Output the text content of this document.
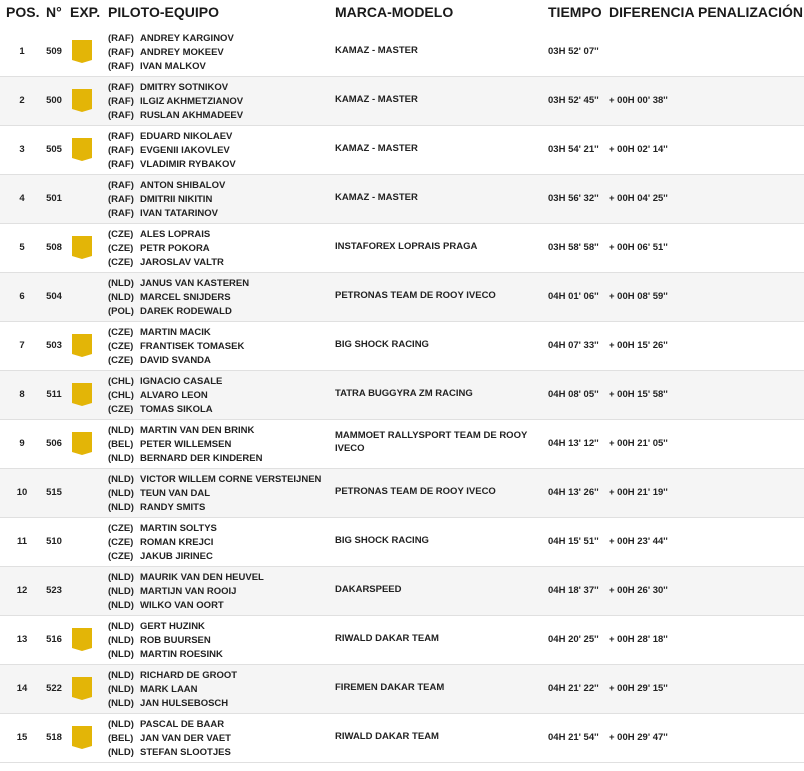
POS. N° EXP. PILOTO-EQUIPO	MARCA-MODELO	TIEMPO DIFERENCIA PENALIZACIÓN
1	509
(RAF) ANDREY KARGINOV
(RAF) ANDREY MOKEEV
(RAF) IVAN MALKOV
KAMAZ - MASTER	03H 52' 07''
2	500
(RAF) DMITRY SOTNIKOV
(RAF) ILGIZ AKHMETZIANOV
(RAF) RUSLAN AKHMADEEV
KAMAZ - MASTER	03H 52' 45'' + 00H 00' 38''
3	505
(RAF) EDUARD NIKOLAEV
(RAF) EVGENII IAKOVLEV
(RAF) VLADIMIR RYBAKOV
KAMAZ - MASTER	03H 54' 21'' + 00H 02' 14''
4	501
(RAF) ANTON SHIBALOV
(RAF) DMITRII NIKITIN
(RAF) IVAN TATARINOV
KAMAZ - MASTER	03H 56' 32'' + 00H 04' 25''
5	508
(CZE) ALES LOPRAIS
(CZE) PETR POKORA
(CZE) JAROSLAV VALTR
INSTAFOREX LOPRAIS PRAGA	03H 58' 58'' + 00H 06' 51''
6	504
(NLD) JANUS VAN KASTEREN
(NLD) MARCEL SNIJDERS
(POL) DAREK RODEWALD
PETRONAS TEAM DE ROOY IVECO	04H 01' 06'' + 00H 08' 59''
7	503
(CZE) MARTIN MACIK
(CZE) FRANTISEK TOMASEK
(CZE) DAVID SVANDA
BIG SHOCK RACING	04H 07' 33'' + 00H 15' 26''
8	511
(CHL) IGNACIO CASALE
(CHL) ALVARO LEON
(CZE) TOMAS SIKOLA
TATRA BUGGYRA ZM RACING	04H 08' 05'' + 00H 15' 58''
9	506
(NLD) MARTIN VAN DEN BRINK
(BEL) PETER WILLEMSEN
(NLD) BERNARD DER KINDEREN
MAMMOET RALLYSPORT TEAM DE ROOY IVECO	04H 13' 12'' + 00H 21' 05''
10	515
(NLD) VICTOR WILLEM CORNE VERSTEIJNEN
(NLD) TEUN VAN DAL
(NLD) RANDY SMITS
PETRONAS TEAM DE ROOY IVECO	04H 13' 26'' + 00H 21' 19''
11	510
(CZE) MARTIN SOLTYS
(CZE) ROMAN KREJCI
(CZE) JAKUB JIRINEC
BIG SHOCK RACING	04H 15' 51'' + 00H 23' 44''
12	523
(NLD) MAURIK VAN DEN HEUVEL
(NLD) MARTIJN VAN ROOIJ
(NLD) WILKO VAN OORT
DAKARSPEED	04H 18' 37'' + 00H 26' 30''
13	516
(NLD) GERT HUZINK
(NLD) ROB BUURSEN
(NLD) MARTIN ROESINK
RIWALD DAKAR TEAM	04H 20' 25'' + 00H 28' 18''
14	522
(NLD) RICHARD DE GROOT
(NLD) MARK LAAN
(NLD) JAN HULSEBOSCH
FIREMEN DAKAR TEAM	04H 21' 22'' + 00H 29' 15''
15	518
(NLD) PASCAL DE BAAR
(BEL) JAN VAN DER VAET
(NLD) STEFAN SLOOTJES
RIWALD DAKAR TEAM	04H 21' 54'' + 00H 29' 47''
